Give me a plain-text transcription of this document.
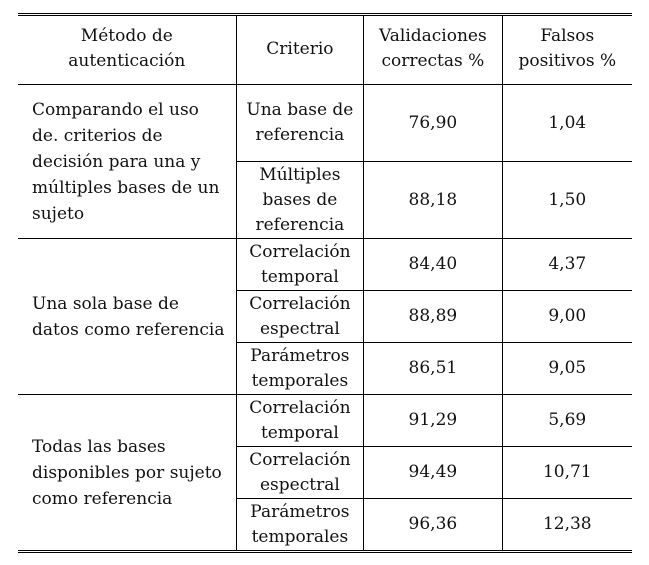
Método de autenticación	Criterio	Validaciones correctas %	Falsos positivos %
Comparando el uso de. criterios de decisión para una y múltiples bases de un sujeto	Una base de referencia	76,90	1,04
	Múltiples bases de referencia	88,18	1,50
Una sola base de datos como referencia	Correlación temporal	84,40	4,37
	Correlación espectral	88,89	9,00
	Parámetros temporales	86,51	9,05
Todas las bases disponibles por sujeto como referencia	Correlación temporal	91,29	5,69
	Correlación espectral	94,49	10,71
	Parámetros temporales	96,36	12,38
